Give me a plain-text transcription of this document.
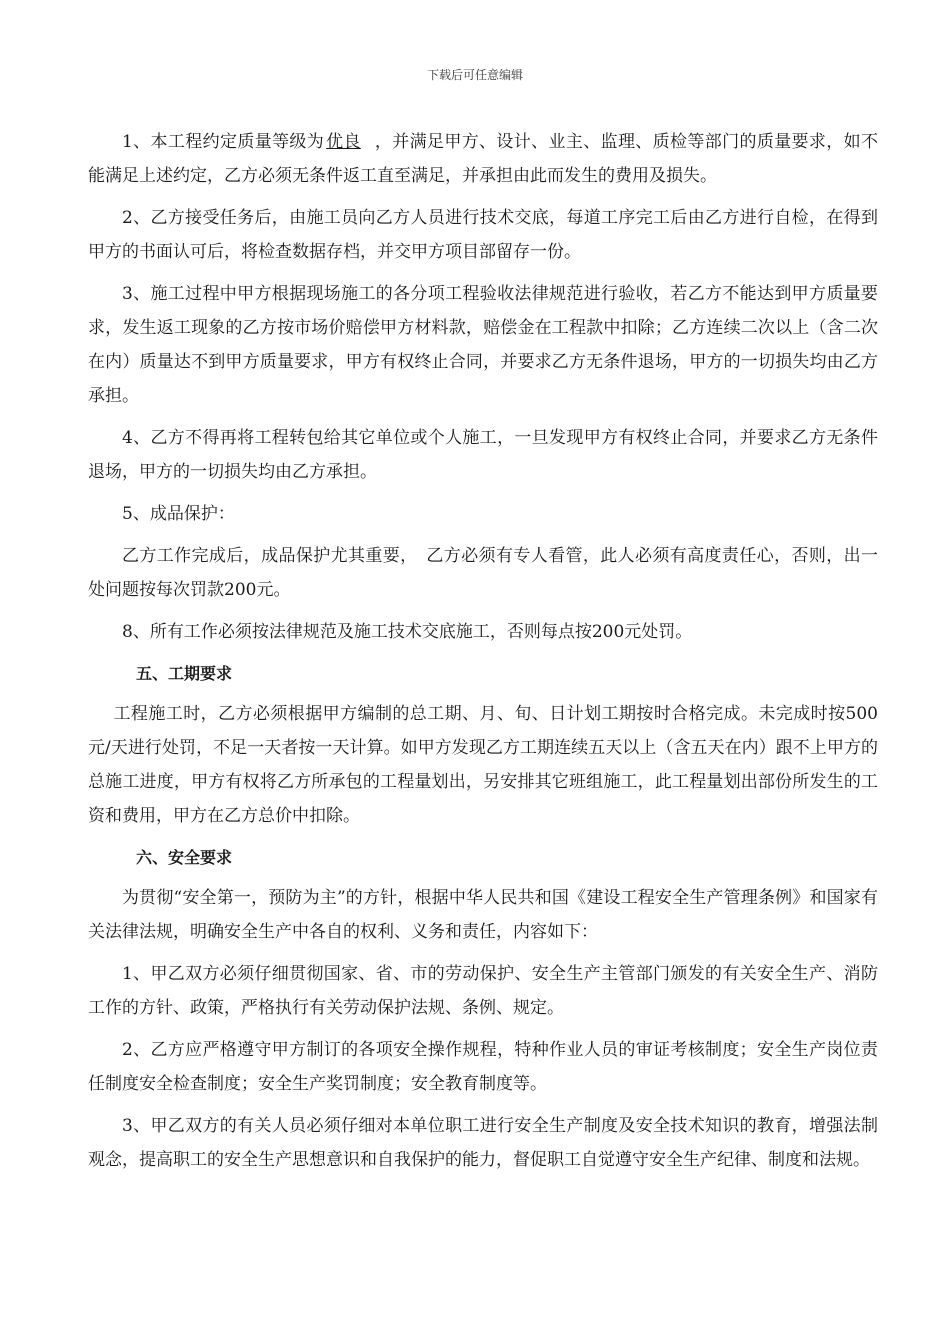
下载后可任意编辑

1、本工程约定质量等级为 优良 ，并满足甲方、设计、业主、监理、质检等部门的质量要求，如不能满足上述约定，乙方必须无条件返工直至满足，并承担由此而发生的费用及损失。

2、乙方接受任务后，由施工员向乙方人员进行技术交底，每道工序完工后由乙方进行自检，在得到甲方的书面认可后，将检查数据存档，并交甲方项目部留存一份。

3、施工过程中甲方根据现场施工的各分项工程验收法律规范进行验收，若乙方不能达到甲方质量要求，发生返工现象的乙方按市场价赔偿甲方材料款，赔偿金在工程款中扣除；乙方连续二次以上（含二次在内）质量达不到甲方质量要求，甲方有权终止合同，并要求乙方无条件退场，甲方的一切损失均由乙方承担。

4、乙方不得再将工程转包给其它单位或个人施工，一旦发现甲方有权终止合同，并要求乙方无条件退场，甲方的一切损失均由乙方承担。

5、成品保护：

乙方工作完成后，成品保护尤其重要，　乙方必须有专人看管，此人必须有高度责任心，否则，出一处问题按每次罚款200元。

8、所有工作必须按法律规范及施工技术交底施工，否则每点按200元处罚。

五、工期要求

工程施工时，乙方必须根据甲方编制的总工期、月、旬、日计划工期按时合格完成。未完成时按500元/天进行处罚，不足一天者按一天计算。如甲方发现乙方工期连续五天以上（含五天在内）跟不上甲方的总施工进度，甲方有权将乙方所承包的工程量划出，另安排其它班组施工，此工程量划出部份所发生的工资和费用，甲方在乙方总价中扣除。

六、安全要求

为贯彻“安全第一，预防为主”的方针，根据中华人民共和国《建设工程安全生产管理条例》和国家有关法律法规，明确安全生产中各自的权利、义务和责任，内容如下：

1、甲乙双方必须仔细贯彻国家、省、市的劳动保护、安全生产主管部门颁发的有关安全生产、消防工作的方针、政策，严格执行有关劳动保护法规、条例、规定。

2、乙方应严格遵守甲方制订的各项安全操作规程，特种作业人员的审证考核制度；安全生产岗位责任制度安全检查制度；安全生产奖罚制度；安全教育制度等。

3、甲乙双方的有关人员必须仔细对本单位职工进行安全生产制度及安全技术知识的教育，增强法制观念，提高职工的安全生产思想意识和自我保护的能力，督促职工自觉遵守安全生产纪律、制度和法规。
